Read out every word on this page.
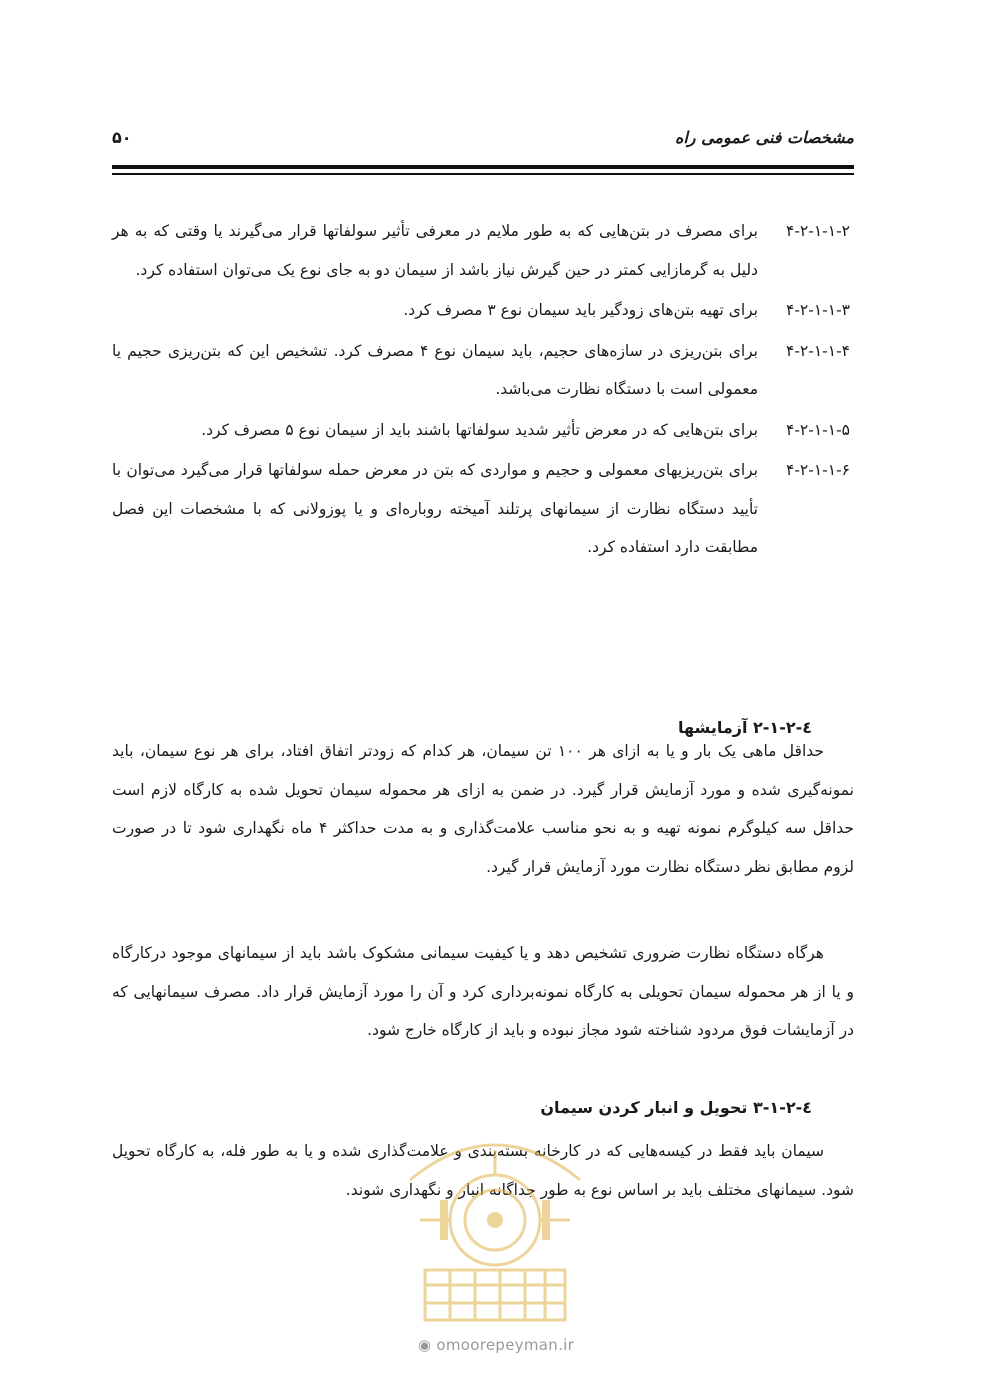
مشخصات فنی عمومی راه
۵۰
۴-۲-۱-۱-۲
برای مصرف در بتن‌هایی که به طور ملایم در معرفی تأثیر سولفاتها قرار می‌گیرند یا وقتی که به هر دلیل به گرمازایی کمتر در حین گیرش نیاز باشد از سیمان دو به جای نوع یک می‌توان استفاده کرد.
۴-۲-۱-۱-۳
برای تهیه بتن‌های زودگیر باید سیمان نوع ۳ مصرف کرد.
۴-۲-۱-۱-۴
برای بتن‌ریزی در سازه‌های حجیم، باید سیمان نوع ۴ مصرف کرد. تشخیص این که بتن‌ریزی حجیم یا معمولی است با دستگاه نظارت می‌باشد.
۴-۲-۱-۱-۵
برای بتن‌هایی که در معرض تأثیر شدید سولفاتها باشند باید از سیمان نوع ۵ مصرف کرد.
۴-۲-۱-۱-۶
برای بتن‌ریزیهای معمولی و حجیم و مواردی که بتن در معرض حمله سولفاتها قرار می‌گیرد می‌توان با تأیید دستگاه نظارت از سیمانهای پرتلند آمیخته روباره‌ای و یا پوزولانی که با مشخصات این فصل مطابقت دارد استفاده کرد.
٤-٢-١-٢ آزمایشها
حداقل ماهی یک بار و یا به ازای هر ۱۰۰ تن سیمان، هر کدام که زودتر اتفاق افتاد، برای هر نوع سیمان، باید نمونه‌گیری شده و مورد آزمایش قرار گیرد. در ضمن به ازای هر محموله سیمان تحویل شده به کارگاه لازم است حداقل سه کیلوگرم نمونه تهیه و به نحو مناسب علامت‌گذاری و به مدت حداکثر ۴ ماه نگهداری شود تا در صورت لزوم مطابق نظر دستگاه نظارت مورد آزمایش قرار گیرد.
هرگاه دستگاه نظارت ضروری تشخیص دهد و یا کیفیت سیمانی مشکوک باشد باید از سیمانهای موجود درکارگاه و یا از هر محموله سیمان تحویلی به کارگاه نمونه‌برداری کرد و آن را مورد آزمایش قرار داد. مصرف سیمانهایی که در آزمایشات فوق مردود شناخته شود مجاز نبوده و باید از کارگاه خارج شود.
٤-٢-١-٣ تحویل و انبار کردن سیمان
سیمان باید فقط در کیسه‌هایی که در کارخانه بسته‌بندی و علامت‌گذاری شده و یا به طور فله، به کارگاه تحویل شود. سیمانهای مختلف باید بر اساس نوع به طور جداگانه انبار و نگهداری شوند.
◉ omoorepeyman.ir
